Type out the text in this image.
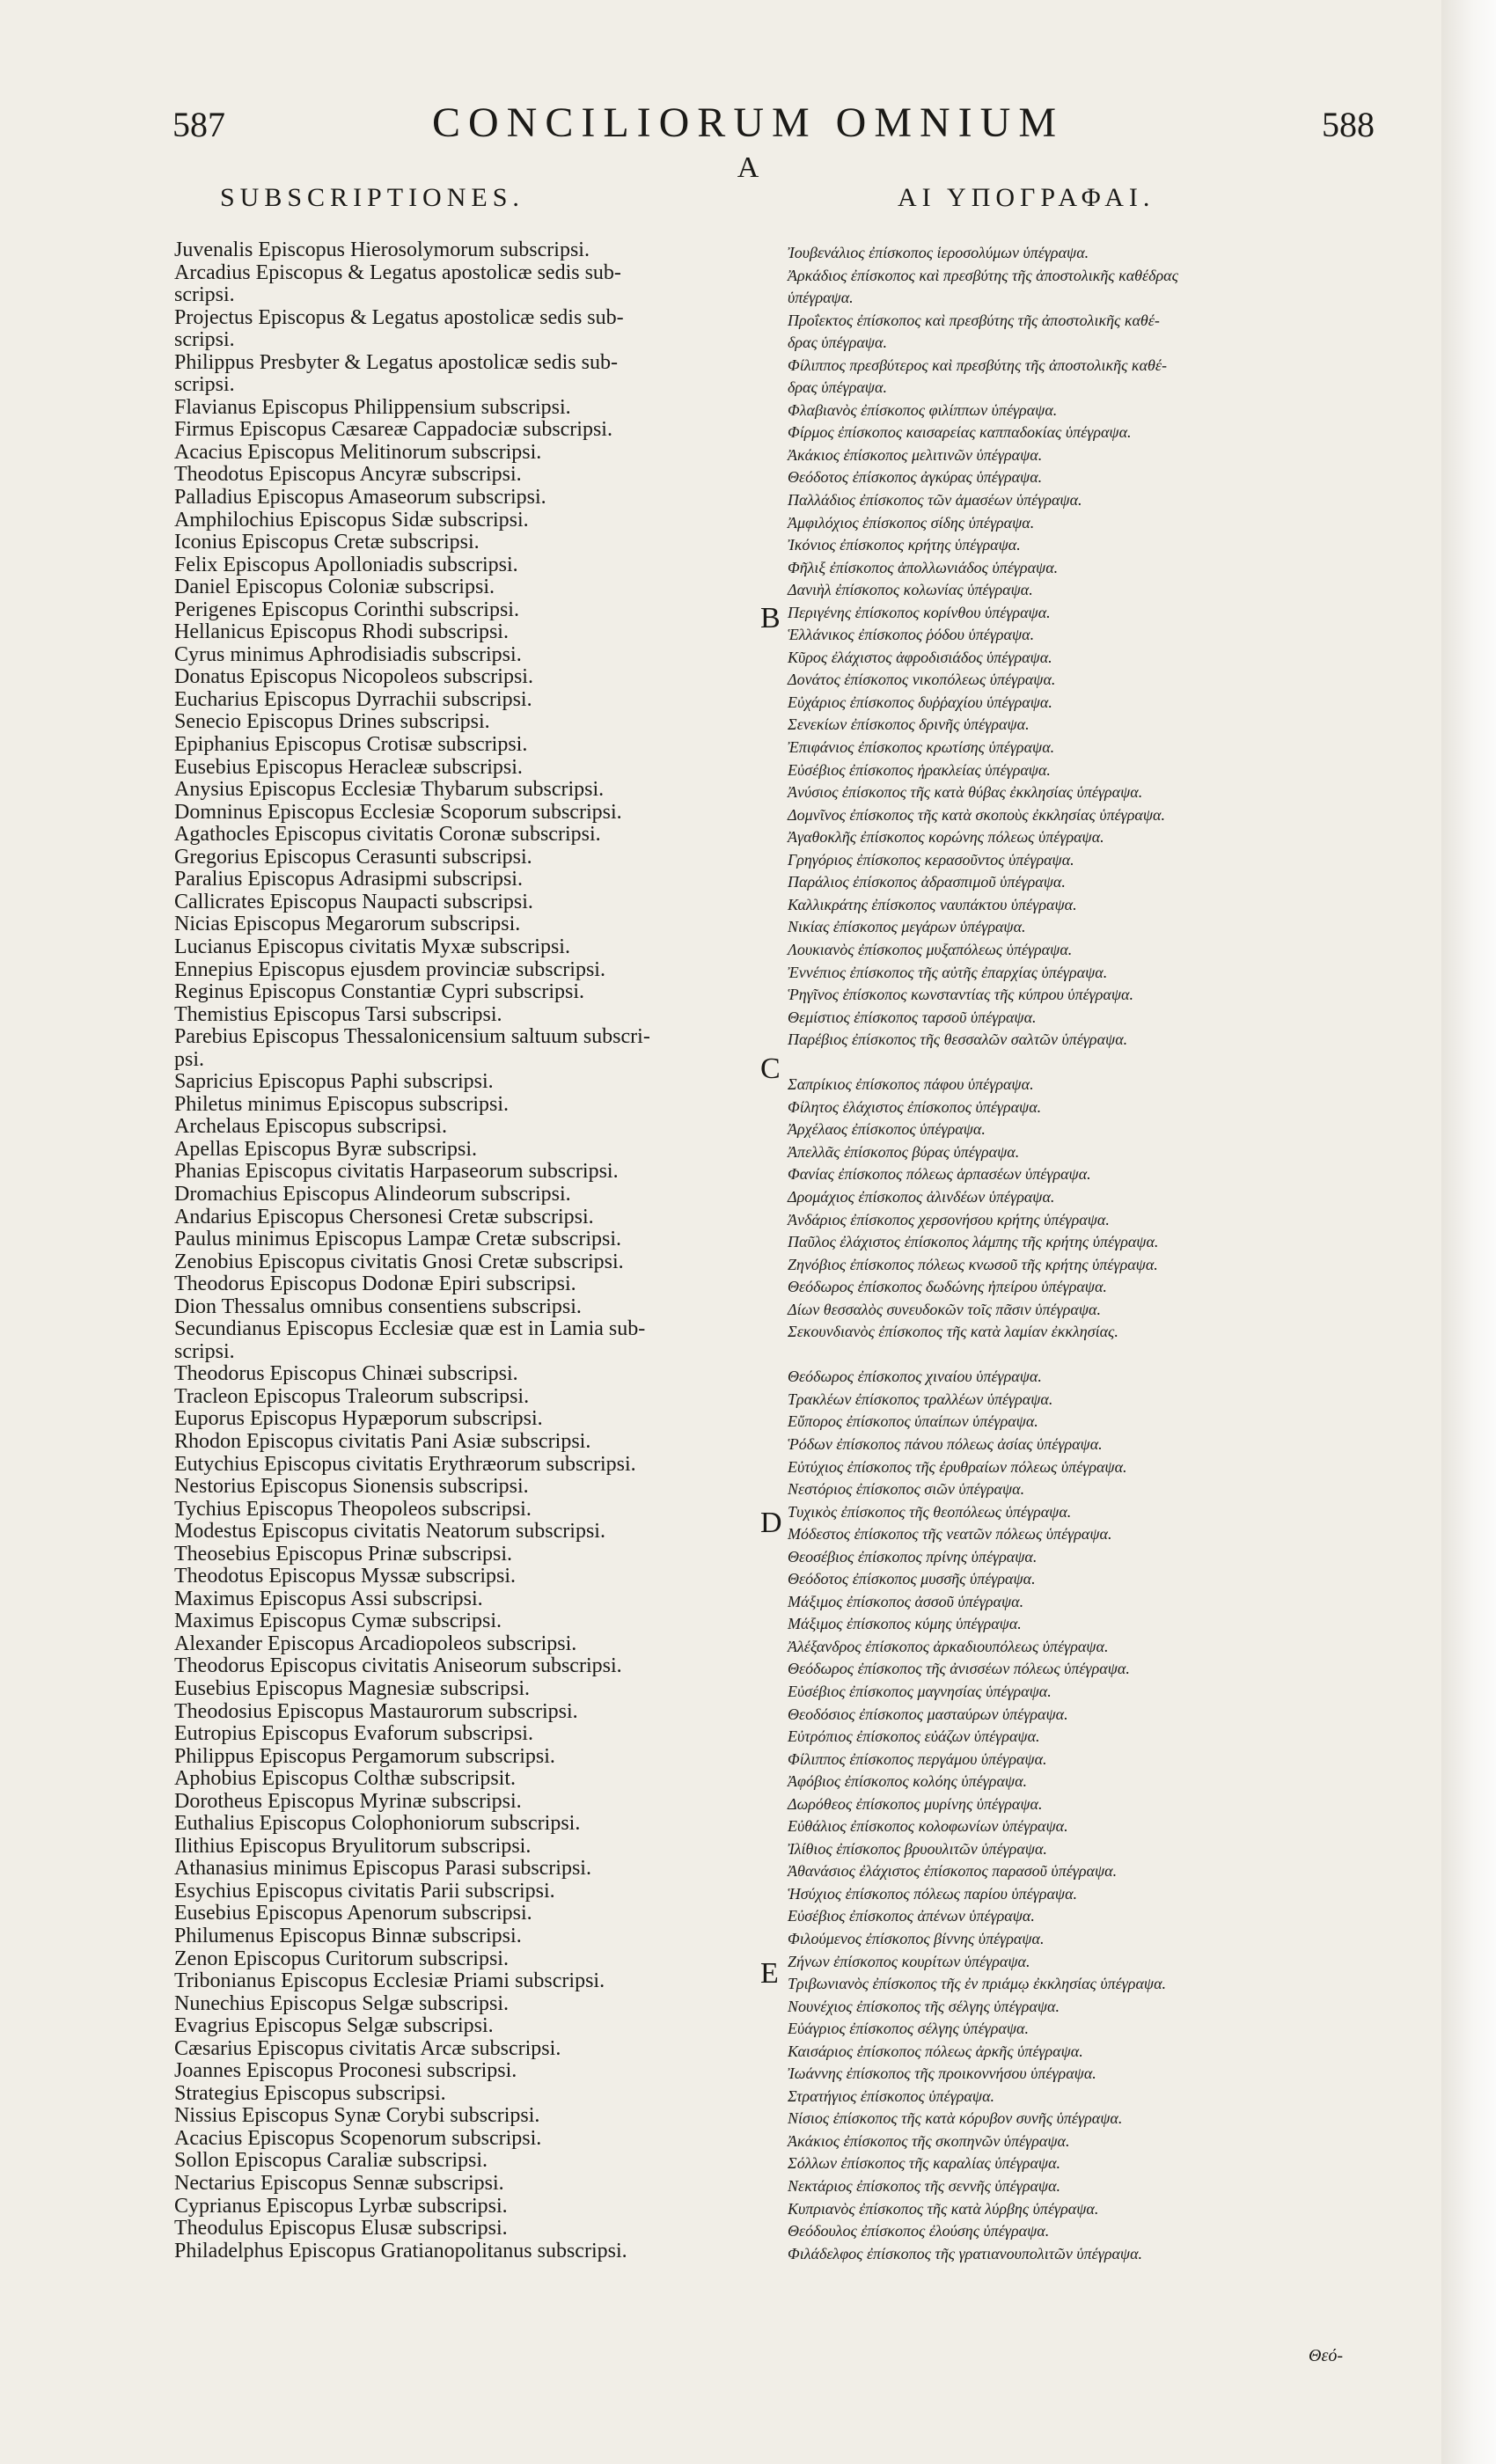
587	CONCILIORUM OMNIUM	588
A
SUBSCRIPTIONES.	ΑΙ ΥΠΟΓΡΑΦΑΙ.
Juvenalis Episcopus Hierosolymorum subscripsi.
Arcadius Episcopus & Legatus apostolicæ sedis sub-
scripsi.
Projectus Episcopus & Legatus apostolicæ sedis sub-
scripsi.
Philippus Presbyter & Legatus apostolicæ sedis sub-
scripsi.
Flavianus Episcopus Philippensium subscripsi.
Firmus Episcopus Cæsareæ Cappadociæ subscripsi.
Acacius Episcopus Melitinorum subscripsi.
Theodotus Episcopus Ancyræ subscripsi.
Palladius Episcopus Amaseorum subscripsi.
Amphilochius Episcopus Sidæ subscripsi.
Iconius Episcopus Cretæ subscripsi.
Felix Episcopus Apolloniadis subscripsi.
Daniel Episcopus Coloniæ subscripsi.
Perigenes Episcopus Corinthi subscripsi.
Hellanicus Episcopus Rhodi subscripsi.
Cyrus minimus Aphrodisiadis subscripsi.
Donatus Episcopus Nicopoleos subscripsi.
Eucharius Episcopus Dyrrachii subscripsi.
Senecio Episcopus Drines subscripsi.
Epiphanius Episcopus Crotisæ subscripsi.
Eusebius Episcopus Heracleæ subscripsi.
Anysius Episcopus Ecclesiæ Thybarum subscripsi.
Domninus Episcopus Ecclesiæ Scoporum subscripsi.
Agathocles Episcopus civitatis Coronæ subscripsi.
Gregorius Episcopus Cerasunti subscripsi.
Paralius Episcopus Adrasipmi subscripsi.
Callicrates Episcopus Naupacti subscripsi.
Nicias Episcopus Megarorum subscripsi.
Lucianus Episcopus civitatis Myxæ subscripsi.
Ennepius Episcopus ejusdem provinciæ subscripsi.
Reginus Episcopus Constantiæ Cypri subscripsi.
Themistius Episcopus Tarsi subscripsi.
Parebius Episcopus Thessalonicensium saltuum subscri-
psi.
Sapricius Episcopus Paphi subscripsi.
Philetus minimus Episcopus subscripsi.
Archelaus Episcopus subscripsi.
Apellas Episcopus Byræ subscripsi.
Phanias Episcopus civitatis Harpaseorum subscripsi.
Dromachius Episcopus Alindeorum subscripsi.
Andarius Episcopus Chersonesi Cretæ subscripsi.
Paulus minimus Episcopus Lampæ Cretæ subscripsi.
Zenobius Episcopus civitatis Gnosi Cretæ subscripsi.
Theodorus Episcopus Dodonæ Epiri subscripsi.
Dion Thessalus omnibus consentiens subscripsi.
Secundianus Episcopus Ecclesiæ quæ est in Lamia sub-
scripsi.
Theodorus Episcopus Chinæi subscripsi.
Tracleon Episcopus Traleorum subscripsi.
Euporus Episcopus Hypæporum subscripsi.
Rhodon Episcopus civitatis Pani Asiæ subscripsi.
Eutychius Episcopus civitatis Erythræorum subscripsi.
Nestorius Episcopus Sionensis subscripsi.
Tychius Episcopus Theopoleos subscripsi.
Modestus Episcopus civitatis Neatorum subscripsi.
Theosebius Episcopus Prinæ subscripsi.
Theodotus Episcopus Myssæ subscripsi.
Maximus Episcopus Assi subscripsi.
Maximus Episcopus Cymæ subscripsi.
Alexander Episcopus Arcadiopoleos subscripsi.
Theodorus Episcopus civitatis Aniseorum subscripsi.
Eusebius Episcopus Magnesiæ subscripsi.
Theodosius Episcopus Mastaurorum subscripsi.
Eutropius Episcopus Evaforum subscripsi.
Philippus Episcopus Pergamorum subscripsi.
Aphobius Episcopus Colthæ subscripsit.
Dorotheus Episcopus Myrinæ subscripsi.
Euthalius Episcopus Colophoniorum subscripsi.
Ilithius Episcopus Bryulitorum subscripsi.
Athanasius minimus Episcopus Parasi subscripsi.
Esychius Episcopus civitatis Parii subscripsi.
Eusebius Episcopus Apenorum subscripsi.
Philumenus Episcopus Binnæ subscripsi.
Zenon Episcopus Curitorum subscripsi.
Tribonianus Episcopus Ecclesiæ Priami subscripsi.
Nunechius Episcopus Selgæ subscripsi.
Evagrius Episcopus Selgæ subscripsi.
Cæsarius Episcopus civitatis Arcæ subscripsi.
Joannes Episcopus Proconesi subscripsi.
Strategius Episcopus subscripsi.
Nissius Episcopus Synæ Corybi subscripsi.
Acacius Episcopus Scopenorum subscripsi.
Sollon Episcopus Caraliæ subscripsi.
Nectarius Episcopus Sennæ subscripsi.
Cyprianus Episcopus Lyrbæ subscripsi.
Theodulus Episcopus Elusæ subscripsi.
Philadelphus Episcopus Gratianopolitanus subscripsi.
Ἰουβενάλιος ἐπίσκοπος ἱεροσολύμων ὑπέγραψα.
Ἀρκάδιος ἐπίσκοπος καὶ πρεσβύτης τῆς ἀποστολικῆς καθέδρας
ὑπέγραψα.
Προΐεκτος ἐπίσκοπος καὶ πρεσβύτης τῆς ἀποστολικῆς καθέ-
δρας ὑπέγραψα.
Φίλιππος πρεσβύτερος καὶ πρεσβύτης τῆς ἀποστολικῆς καθέ-
δρας ὑπέγραψα.
Φλαβιανὸς ἐπίσκοπος φιλίππων ὑπέγραψα.
Φίρμος ἐπίσκοπος καισαρείας καππαδοκίας ὑπέγραψα.
Ἀκάκιος ἐπίσκοπος μελιτινῶν ὑπέγραψα.
Θεόδοτος ἐπίσκοπος ἀγκύρας ὑπέγραψα.
Παλλάδιος ἐπίσκοπος τῶν ἀμασέων ὑπέγραψα.
Ἀμφιλόχιος ἐπίσκοπος σίδης ὑπέγραψα.
Ἰκόνιος ἐπίσκοπος κρήτης ὑπέγραψα.
Φῆλιξ ἐπίσκοπος ἀπολλωνιάδος ὑπέγραψα.
Δανιὴλ ἐπίσκοπος κολωνίας ὑπέγραψα.
Περιγένης ἐπίσκοπος κορίνθου ὑπέγραψα.
Ἑλλάνικος ἐπίσκοπος ῥόδου ὑπέγραψα.
Κῦρος ἐλάχιστος ἀφροδισιάδος ὑπέγραψα.
Δονάτος ἐπίσκοπος νικοπόλεως ὑπέγραψα.
Εὐχάριος ἐπίσκοπος δυῤῥαχίου ὑπέγραψα.
Σενεκίων ἐπίσκοπος δρινῆς ὑπέγραψα.
Ἐπιφάνιος ἐπίσκοπος κρωτίσης ὑπέγραψα.
Εὐσέβιος ἐπίσκοπος ἡρακλείας ὑπέγραψα.
Ἀνύσιος ἐπίσκοπος τῆς κατὰ θύβας ἐκκλησίας ὑπέγραψα.
Δομνῖνος ἐπίσκοπος τῆς κατὰ σκοποὺς ἐκκλησίας ὑπέγραψα.
Ἀγαθοκλῆς ἐπίσκοπος κορώνης πόλεως ὑπέγραψα.
Γρηγόριος ἐπίσκοπος κερασοῦντος ὑπέγραψα.
Παράλιος ἐπίσκοπος ἀδρασπιμοῦ ὑπέγραψα.
Καλλικράτης ἐπίσκοπος ναυπάκτου ὑπέγραψα.
Νικίας ἐπίσκοπος μεγάρων ὑπέγραψα.
Λουκιανὸς ἐπίσκοπος μυξαπόλεως ὑπέγραψα.
Ἐννέπιος ἐπίσκοπος τῆς αὐτῆς ἐπαρχίας ὑπέγραψα.
Ῥηγῖνος ἐπίσκοπος κωνσταντίας τῆς κύπρου ὑπέγραψα.
Θεμίστιος ἐπίσκοπος ταρσοῦ ὑπέγραψα.
Παρέβιος ἐπίσκοπος τῆς θεσσαλῶν σαλτῶν ὑπέγραψα.
Σαπρίκιος ἐπίσκοπος πάφου ὑπέγραψα.
Φίλητος ἐλάχιστος ἐπίσκοπος ὑπέγραψα.
Ἀρχέλαος ἐπίσκοπος ὑπέγραψα.
Ἀπελλᾶς ἐπίσκοπος βύρας ὑπέγραψα.
Φανίας ἐπίσκοπος πόλεως ἁρπασέων ὑπέγραψα.
Δρομάχιος ἐπίσκοπος ἀλινδέων ὑπέγραψα.
Ἀνδάριος ἐπίσκοπος χερσονήσου κρήτης ὑπέγραψα.
Παῦλος ἐλάχιστος ἐπίσκοπος λάμπης τῆς κρήτης ὑπέγραψα.
Ζηνόβιος ἐπίσκοπος πόλεως κνωσοῦ τῆς κρήτης ὑπέγραψα.
Θεόδωρος ἐπίσκοπος δωδώνης ἠπείρου ὑπέγραψα.
Δίων θεσσαλὸς συνευδοκῶν τοῖς πᾶσιν ὑπέγραψα.
Σεκουνδιανὸς ἐπίσκοπος τῆς κατὰ λαμίαν ἐκκλησίας.
Θεόδωρος ἐπίσκοπος χιναίου ὑπέγραψα.
Τρακλέων ἐπίσκοπος τραλλέων ὑπέγραψα.
Εὔπορος ἐπίσκοπος ὑπαίπων ὑπέγραψα.
Ῥόδων ἐπίσκοπος πάνου πόλεως ἀσίας ὑπέγραψα.
Εὐτύχιος ἐπίσκοπος τῆς ἐρυθραίων πόλεως ὑπέγραψα.
Νεστόριος ἐπίσκοπος σιῶν ὑπέγραψα.
Τυχικὸς ἐπίσκοπος τῆς θεοπόλεως ὑπέγραψα.
Μόδεστος ἐπίσκοπος τῆς νεατῶν πόλεως ὑπέγραψα.
Θεοσέβιος ἐπίσκοπος πρίνης ὑπέγραψα.
Θεόδοτος ἐπίσκοπος μυσσῆς ὑπέγραψα.
Μάξιμος ἐπίσκοπος ἀσσοῦ ὑπέγραψα.
Μάξιμος ἐπίσκοπος κύμης ὑπέγραψα.
Ἀλέξανδρος ἐπίσκοπος ἀρκαδιουπόλεως ὑπέγραψα.
Θεόδωρος ἐπίσκοπος τῆς ἀνισσέων πόλεως ὑπέγραψα.
Εὐσέβιος ἐπίσκοπος μαγνησίας ὑπέγραψα.
Θεοδόσιος ἐπίσκοπος μασταύρων ὑπέγραψα.
Εὐτρόπιος ἐπίσκοπος εὐάζων ὑπέγραψα.
Φίλιππος ἐπίσκοπος περγάμου ὑπέγραψα.
Ἀφόβιος ἐπίσκοπος κολόης ὑπέγραψα.
Δωρόθεος ἐπίσκοπος μυρίνης ὑπέγραψα.
Εὐθάλιος ἐπίσκοπος κολοφωνίων ὑπέγραψα.
Ἰλίθιος ἐπίσκοπος βρυουλιτῶν ὑπέγραψα.
Ἀθανάσιος ἐλάχιστος ἐπίσκοπος παρασοῦ ὑπέγραψα.
Ἡσύχιος ἐπίσκοπος πόλεως παρίου ὑπέγραψα.
Εὐσέβιος ἐπίσκοπος ἀπένων ὑπέγραψα.
Φιλούμενος ἐπίσκοπος βίννης ὑπέγραψα.
Ζήνων ἐπίσκοπος κουρίτων ὑπέγραψα.
Τριβωνιανὸς ἐπίσκοπος τῆς ἐν πριάμῳ ἐκκλησίας ὑπέγραψα.
Νουνέχιος ἐπίσκοπος τῆς σέλγης ὑπέγραψα.
Εὐάγριος ἐπίσκοπος σέλγης ὑπέγραψα.
Καισάριος ἐπίσκοπος πόλεως ἀρκῆς ὑπέγραψα.
Ἰωάννης ἐπίσκοπος τῆς προικοννήσου ὑπέγραψα.
Στρατήγιος ἐπίσκοπος ὑπέγραψα.
Νίσιος ἐπίσκοπος τῆς κατὰ κόρυβον συνῆς ὑπέγραψα.
Ἀκάκιος ἐπίσκοπος τῆς σκοπηνῶν ὑπέγραψα.
Σόλλων ἐπίσκοπος τῆς καραλίας ὑπέγραψα.
Νεκτάριος ἐπίσκοπος τῆς σεννῆς ὑπέγραψα.
Κυπριανὸς ἐπίσκοπος τῆς κατὰ λύρβης ὑπέγραψα.
Θεόδουλος ἐπίσκοπος ἐλούσης ὑπέγραψα.
Φιλάδελφος ἐπίσκοπος τῆς γρατιανουπολιτῶν ὑπέγραψα.
B
C
D
E
Θεό-
